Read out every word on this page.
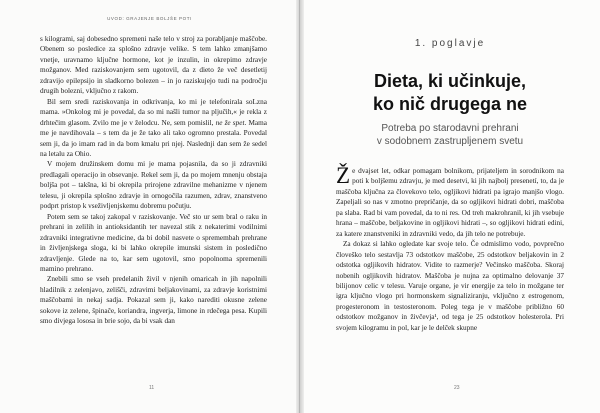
UVOD: GRAJENJE BOLJŠE POTI

s kilogrami, saj dobesedno spremeni naše telo v stroj za porabljanje maščobe. Obenem so posledice za splošno zdravje velike. S tem lahko zmanjšamo vnetje, uravnamo ključne hormone, kot je inzulin, in okrepimo zdravje možganov. Med raziskovanjem sem ugotovil, da z dieto že več desetletij zdravijo epilepsijo in sladkorno bolezen – in jo raziskujejo tudi na področju drugih bolezni, vključno z rakom.

Bil sem sredi raziskovanja in odkrivanja, ko mi je telefonirala soLzna mama. »Onkolog mi je povedal, da so mi našli tumor na pljučih,« je rekla z drhtečim glasom. Zvilo me je v želodcu. Ne, sem pomislil, ne že spet. Mama me je navdihovala – s tem da je že tako ali tako ogromno prestala. Povedal sem ji, da jo imam rad in da bom kmalu pri njej. Naslednji dan sem že sedel na letalu za Ohio.

V mojem družinskem domu mi je mama pojasnila, da so ji zdravniki predlagali operacijo in obsevanje. Rekel sem ji, da po mojem mnenju obstaja boljša pot – takšna, ki bi okrepila prirojene zdravilne mehanizme v njenem telesu, ji okrepila splošno zdravje in ornogočila razumen, zdrav, znanstveno podprt pristop k vseživljenjskemu dobremu počutju.

Potem sem se takoj zakopal v raziskovanje. Več sto ur sem bral o raku in prehrani in zelilih in antioksidantih ter navezal stik z nekaterimi vodilnimi zdravniki integrativne medicine, da bi dobil nasvete o spremembah prehrane in življenjskega sloga, ki bi lahko okrepile imunski sistem in posledično zdravljenje. Glede na to, kar sem ugotovil, smo popolnoma spremenili mamino prehrano.

Znebili smo se vseh predelanih živil v njenih omaricah in jih napolnili hladilnik z zelenjavo, zelišči, zdravimi beljakovinami, za zdravje koristnimi maščobami in nekaj sadja. Pokazal sem ji, kako narediti okusne zelene sokove iz zelene, špinače, koriandra, ingverja, limone in rdečega pesa. Kupili smo divjega lososa in brie sojo, da bi vsak dan

11
1. poglavje
Dieta, ki učinkuje,
ko nič drugega ne
Potreba po starodavni prehrani
v sodobnem zastrupljenem svetu

Že dvajset let, odkar pomagam bolnikom, prijateljem in sorodnikom na poti k boljšemu zdravju, je med desetvi, ki jih najbolj presenetí, to, da je maščoba ključna za človekovo telo, ogljikovi hidrati pa igrajo manjšo vlogo. Zapeljali so nas v zmotno prepričanje, da so ogljikovi hidrati dobri, maščoba pa slaba. Rad bi vam povedal, da to ni res. Od treh makrohranil, ki jih vsebuje hrana – maščobe, beljakovine in ogljikovi hidrati –, so ogljikovi hidrati edini, za katere znanstveniki in zdravniki vedo, da jih telo ne potrebuje.

Za dokaz si lahko ogledate kar svoje telo. Če odmislimo vodo, povprečno človeško telo sestavlja 73 odstotkov maščobe, 25 odstotkov beljakovin in 2 odstotka ogljikovih hidratov. Vidite to razmerje? Večinsko maščoba. Skoraj nobenih ogljikovih hidratov. Maščoba je nujna za optimalno delovanje 37 bilijonov celic v telesu. Varuje organe, je vir energije za telo in možgane ter igra ključno vlogo pri hormonskem signaliziranju, vključno z estrogenom, progesteronom in testosteronom. Poleg tega je v maščobe približno 60 odstotkov možganov in živčevja¹, od tega je 25 odstotkov holesterola. Pri svojem kilogramu in pol, kar je le delček skupne

23
